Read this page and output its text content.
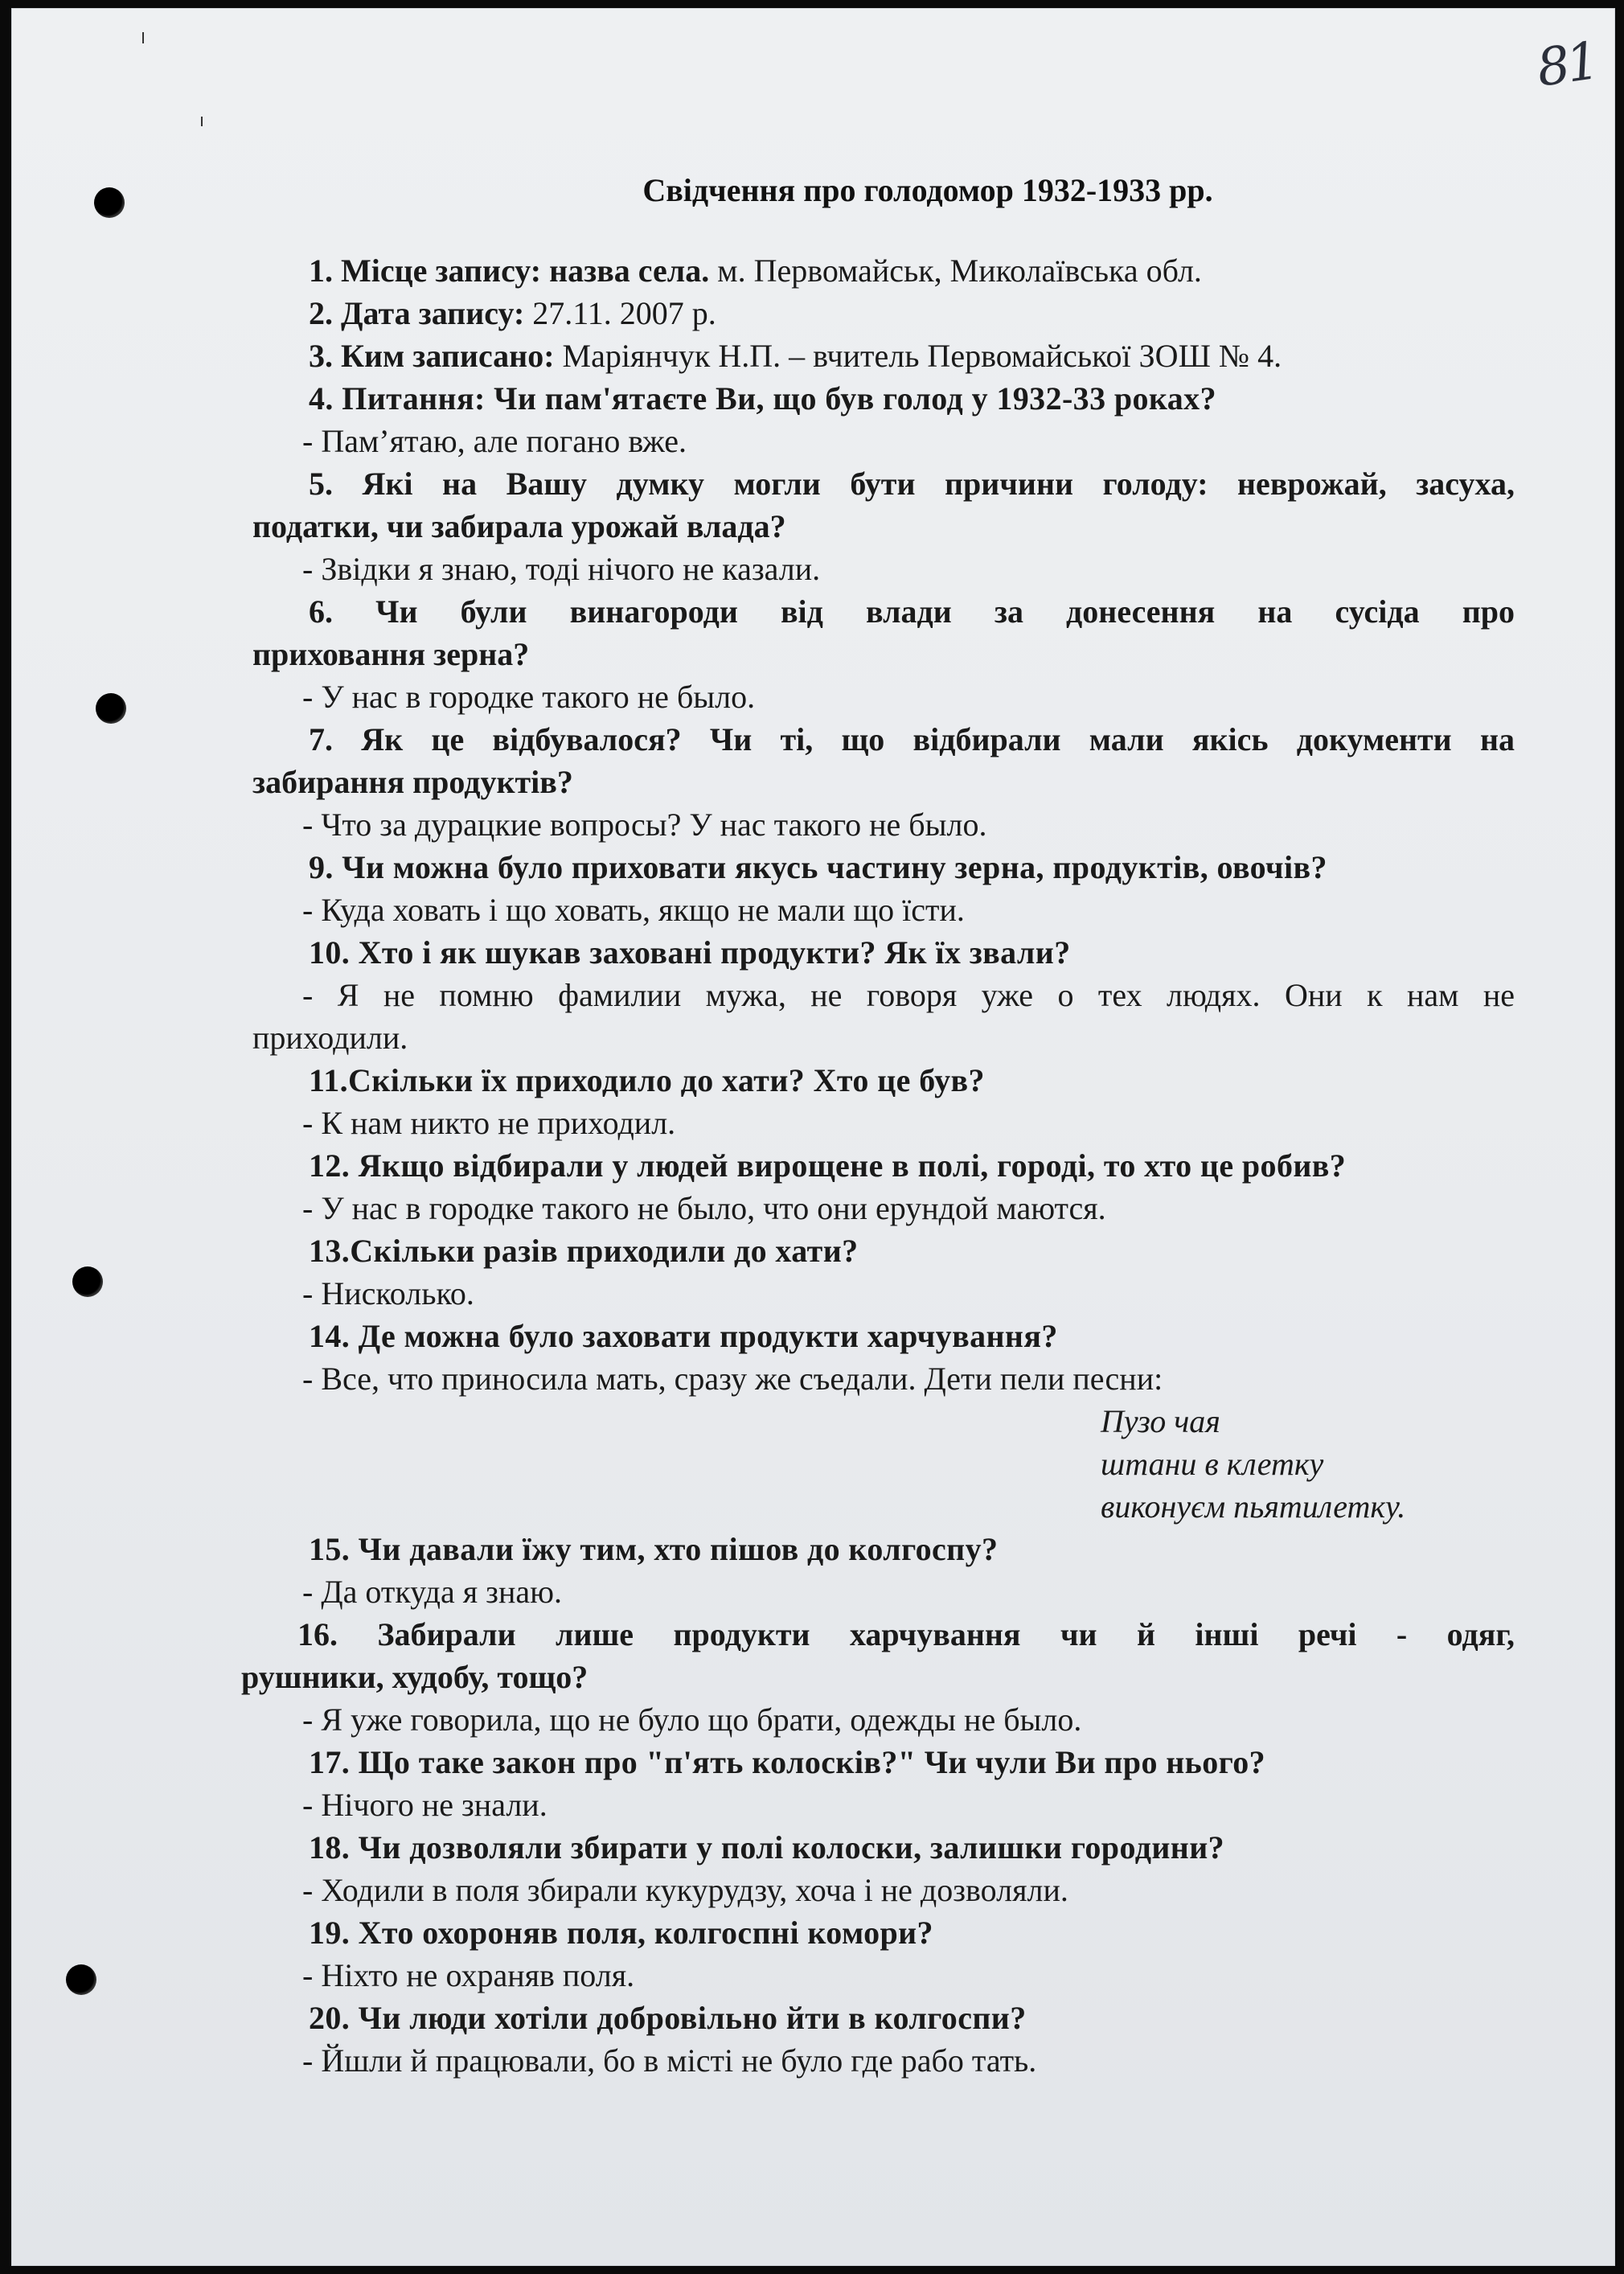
81
Свідчення про голодомор 1932-1933 рр.

1. Місце запису: назва села. м. Первомайськ, Миколаївська обл.

2. Дата запису: 27.11. 2007 р.

3. Ким записано: Маріянчук Н.П. – вчитель Первомайської ЗОШ № 4.

4. Питання: Чи пам'ятаєте Ви, що був голод у 1932-33 роках?

- Пам’ятаю, але погано вже.

5. Які на Вашу думку могли бути причини голоду: неврожай, засуха,
податки, чи забирала урожай влада?

- Звідки я знаю, тоді нічого не казали.

6. Чи були винагороди від влади за донесення на сусіда про
приховання зерна?

- У нас в городке такого не было.

7. Як це відбувалося? Чи ті, що відбирали мали якісь документи на
забирання продуктів?

- Что за дурацкие вопросы? У нас такого не было.

9. Чи можна було приховати якусь частину зерна, продуктів, овочів?

- Куда ховать і що ховать, якщо не мали що їсти.

10. Хто і як шукав заховані продукти? Як їх звали?

- Я не помню фамилии мужа, не говоря уже о тех людях. Они к нам не
приходили.

11.Скільки їх приходило до хати? Хто це був?

- К нам никто не приходил.

12. Якщо відбирали у людей вирощене в полі, городі, то хто це робив?

- У нас в городке такого не было, что они ерундой маются.

13.Скільки разів приходили до хати?

- Нисколько.

14. Де можна було заховати продукти харчування?

- Все, что приносила мать, сразу же съедали. Дети пели песни:

Пузо чая

штани в клетку

виконуєм пьятилетку.

15. Чи давали їжу тим, хто пішов до колгоспу?

- Да откуда я знаю.

16. Забирали лише продукти харчування чи й інші речі - одяг,
рушники, худобу, тощо?

- Я уже говорила, що не було що брати, одежды не было.

17. Що таке закон про "п'ять колосків?" Чи чули Ви про нього?

- Нічого не знали.

18. Чи дозволяли збирати у полі колоски, залишки городини?

- Ходили в поля збирали кукурудзу, хоча і не дозволяли.

19. Хто охороняв поля, колгоспні комори?

- Ніхто не охраняв поля.

20. Чи люди хотіли добровільно йти в колгоспи?

- Йшли й працювали, бо в місті не було где рабо тать.
